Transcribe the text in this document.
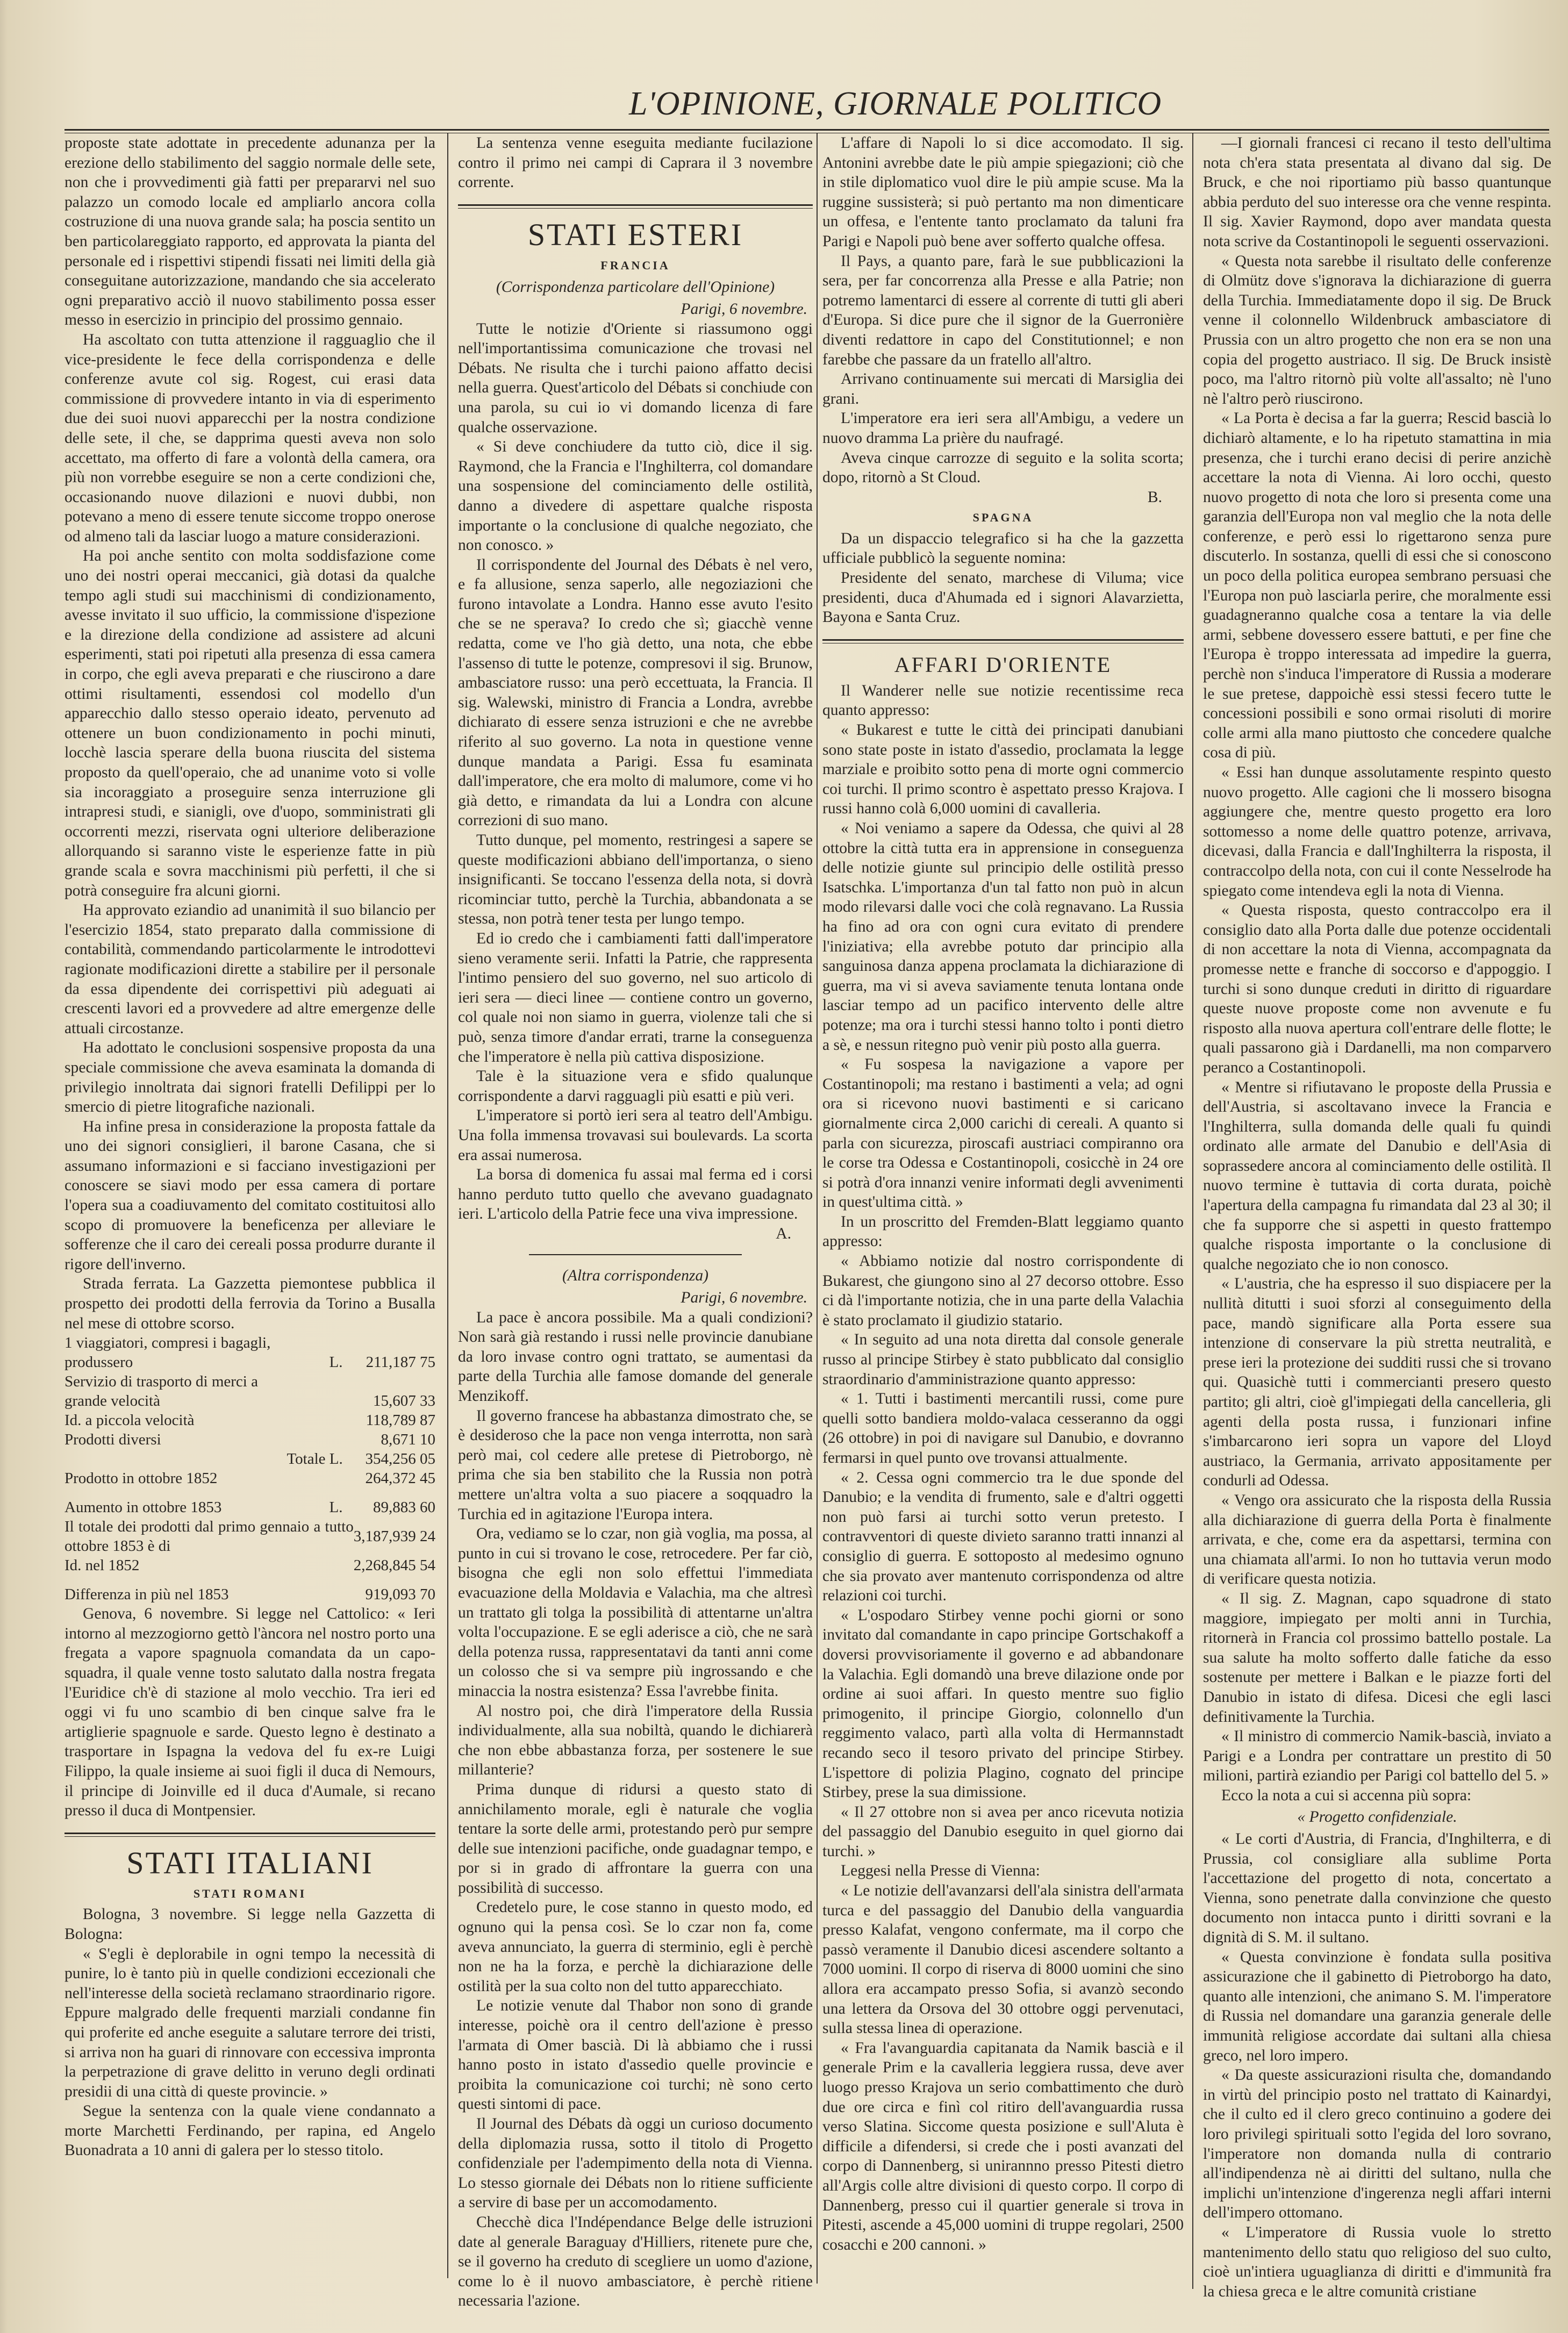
L'OPINIONE, GIORNALE POLITICO

proposte state adottate in precedente adunanza per la erezione dello stabilimento del saggio normale delle sete, non che i provvedimenti già fatti per prepararvi nel suo palazzo un comodo locale ed ampliarlo ancora colla costruzione di una nuova grande sala; ha poscia sentito un ben particolareggiato rapporto, ed approvata la pianta del personale ed i rispettivi stipendi fissati nei limiti della già conseguitane autorizzazione, mandando che sia accelerato ogni preparativo acciò il nuovo stabilimento possa esser messo in esercizio in principio del prossimo gennaio.

Ha ascoltato con tutta attenzione il ragguaglio che il vice-presidente le fece della corrispondenza e delle conferenze avute col sig. Rogest, cui erasi data commissione di provvedere intanto in via di esperimento due dei suoi nuovi apparecchi per la nostra condizione delle sete, il che, se dapprima questi aveva non solo accettato, ma offerto di fare a volontà della camera, ora più non vorrebbe eseguire se non a certe condizioni che, occasionando nuove dilazioni e nuovi dubbi, non potevano a meno di essere tenute siccome troppo onerose od almeno tali da lasciar luogo a mature considerazioni.

Ha poi anche sentito con molta soddisfazione come uno dei nostri operai meccanici, già dotasi da qualche tempo agli studi sui macchinismi di condizionamento, avesse invitato il suo ufficio, la commissione d'ispezione e la direzione della condizione ad assistere ad alcuni esperimenti, stati poi ripetuti alla presenza di essa camera in corpo, che egli aveva preparati e che riuscirono a dare ottimi risultamenti, essendosi col modello d'un apparecchio dallo stesso operaio ideato, pervenuto ad ottenere un buon condizionamento in pochi minuti, locchè lascia sperare della buona riuscita del sistema proposto da quell'operaio, che ad unanime voto si volle sia incoraggiato a proseguire senza interruzione gli intrapresi studi, e sianigli, ove d'uopo, somministrati gli occorrenti mezzi, riservata ogni ulteriore deliberazione allorquando si saranno viste le esperienze fatte in più grande scala e sovra macchinismi più perfetti, il che si potrà conseguire fra alcuni giorni.

Ha approvato eziandio ad unanimità il suo bilancio per l'esercizio 1854, stato preparato dalla commissione di contabilità, commendando particolarmente le introdottevi ragionate modificazioni dirette a stabilire per il personale da essa dipendente dei corrispettivi più adeguati ai crescenti lavori ed a provvedere ad altre emergenze delle attuali circostanze.

Ha adottato le conclusioni sospensive proposta da una speciale commissione che aveva esaminata la domanda di privilegio innoltrata dai signori fratelli Defilippi per lo smercio di pietre litografiche nazionali.

Ha infine presa in considerazione la proposta fattale da uno dei signori consiglieri, il barone Casana, che si assumano informazioni e si facciano investigazioni per conoscere se siavi modo per essa camera di portare l'opera sua a coadiuvamento del comitato costituitosi allo scopo di promuovere la beneficenza per alleviare le sofferenze che il caro dei cereali possa produrre durante il rigore dell'inverno.

Strada ferrata. La Gazzetta piemontese pubblica il prospetto dei prodotti della ferrovia da Torino a Busalla nel mese di ottobre scorso.

1 viaggiatori, compresi i bagagli,		
produssero	L.	211,187 75
Servizio di trasporto di merci a		
grande velocità		15,607 33
Id. a piccola velocità		118,789 87
Prodotti diversi		8,671 10
Totale L.		354,256 05
Prodotto in ottobre 1852		264,372 45

Aumento in ottobre 1853	L.	89,883 60
Il totale dei prodotti dal primo gennaio a tutto ottobre 1853 è di		3,187,939 24
Id. nel 1852		2,268,845 54

Differenza in più nel 1853		919,093 70

Genova, 6 novembre. Si legge nel Cattolico: « Ieri intorno al mezzogiorno gettò l'àncora nel nostro porto una fregata a vapore spagnuola comandata da un capo-squadra, il quale venne tosto salutato dalla nostra fregata l'Euridice ch'è di stazione al molo vecchio. Tra ieri ed oggi vi fu uno scambio di ben cinque salve fra le artiglierie spagnuole e sarde. Questo legno è destinato a trasportare in Ispagna la vedova del fu ex-re Luigi Filippo, la quale insieme ai suoi figli il duca di Nemours, il principe di Joinville ed il duca d'Aumale, si recano presso il duca di Montpensier.

STATI ITALIANI
STATI ROMANI

Bologna, 3 novembre. Si legge nella Gazzetta di Bologna:

« S'egli è deplorabile in ogni tempo la necessità di punire, lo è tanto più in quelle condizioni eccezionali che nell'interesse della società reclamano straordinario rigore. Eppure malgrado delle frequenti marziali condanne fin qui proferite ed anche eseguite a salutare terrore dei tristi, si arriva non ha guari di rinnovare con eccessiva impronta la perpetrazione di grave delitto in veruno degli ordinati presidii di una città di queste provincie. »

Segue la sentenza con la quale viene condannato a morte Marchetti Ferdinando, per rapina, ed Angelo Buonadrata a 10 anni di galera per lo stesso titolo.

La sentenza venne eseguita mediante fucilazione contro il primo nei campi di Caprara il 3 novembre corrente.

STATI ESTERI
FRANCIA
(Corrispondenza particolare dell'Opinione)
Parigi, 6 novembre.

Tutte le notizie d'Oriente si riassumono oggi nell'importantissima comunicazione che trovasi nel Débats. Ne risulta che i turchi paiono affatto decisi nella guerra. Quest'articolo del Débats si conchiude con una parola, su cui io vi domando licenza di fare qualche osservazione.

« Si deve conchiudere da tutto ciò, dice il sig. Raymond, che la Francia e l'Inghilterra, col domandare una sospensione del cominciamento delle ostilità, danno a divedere di aspettare qualche risposta importante o la conclusione di qualche negoziato, che non conosco. »

Il corrispondente del Journal des Débats è nel vero, e fa allusione, senza saperlo, alle negoziazioni che furono intavolate a Londra. Hanno esse avuto l'esito che se ne sperava? Io credo che sì; giacchè venne redatta, come ve l'ho già detto, una nota, che ebbe l'assenso di tutte le potenze, compresovi il sig. Brunow, ambasciatore russo: una però eccettuata, la Francia. Il sig. Walewski, ministro di Francia a Londra, avrebbe dichiarato di essere senza istruzioni e che ne avrebbe riferito al suo governo. La nota in questione venne dunque mandata a Parigi. Essa fu esaminata dall'imperatore, che era molto di malumore, come vi ho già detto, e rimandata da lui a Londra con alcune correzioni di suo mano.

Tutto dunque, pel momento, restringesi a sapere se queste modificazioni abbiano dell'importanza, o sieno insignificanti. Se toccano l'essenza della nota, si dovrà ricominciar tutto, perchè la Turchia, abbandonata a se stessa, non potrà tener testa per lungo tempo.

Ed io credo che i cambiamenti fatti dall'imperatore sieno veramente serii. Infatti la Patrie, che rappresenta l'intimo pensiero del suo governo, nel suo articolo di ieri sera — dieci linee — contiene contro un governo, col quale noi non siamo in guerra, violenze tali che si può, senza timore d'andar errati, trarne la conseguenza che l'imperatore è nella più cattiva disposizione.

Tale è la situazione vera e sfido qualunque corrispondente a darvi ragguagli più esatti e più veri.

L'imperatore si portò ieri sera al teatro dell'Ambigu. Una folla immensa trovavasi sui boulevards. La scorta era assai numerosa.

La borsa di domenica fu assai mal ferma ed i corsi hanno perduto tutto quello che avevano guadagnato ieri. L'articolo della Patrie fece una viva impressione.

A.
(Altra corrispondenza)
Parigi, 6 novembre.

La pace è ancora possibile. Ma a quali condizioni? Non sarà già restando i russi nelle provincie danubiane da loro invase contro ogni trattato, se aumentasi da parte della Turchia alle famose domande del generale Menzikoff.

Il governo francese ha abbastanza dimostrato che, se è desideroso che la pace non venga interrotta, non sarà però mai, col cedere alle pretese di Pietroborgo, nè prima che sia ben stabilito che la Russia non potrà mettere un'altra volta a suo piacere a soqquadro la Turchia ed in agitazione l'Europa intera.

Ora, vediamo se lo czar, non già voglia, ma possa, al punto in cui si trovano le cose, retrocedere. Per far ciò, bisogna che egli non solo effettui l'immediata evacuazione della Moldavia e Valachia, ma che altresì un trattato gli tolga la possibilità di attentarne un'altra volta l'occupazione. E se egli aderisce a ciò, che ne sarà della potenza russa, rappresentatavi da tanti anni come un colosso che si va sempre più ingrossando e che minaccia la nostra esistenza? Essa l'avrebbe finita.

Al nostro poi, che dirà l'imperatore della Russia individualmente, alla sua nobiltà, quando le dichiarerà che non ebbe abbastanza forza, per sostenere le sue millanterie?

Prima dunque di ridursi a questo stato di annichilamento morale, egli è naturale che voglia tentare la sorte delle armi, protestando però pur sempre delle sue intenzioni pacifiche, onde guadagnar tempo, e por si in grado di affrontare la guerra con una possibilità di successo.

Credetelo pure, le cose stanno in questo modo, ed ognuno qui la pensa così. Se lo czar non fa, come aveva annunciato, la guerra di sterminio, egli è perchè non ne ha la forza, e perchè la dichiarazione delle ostilità per la sua colto non del tutto apparecchiato.

Le notizie venute dal Thabor non sono di grande interesse, poichè ora il centro dell'azione è presso l'armata di Omer bascià. Di là abbiamo che i russi hanno posto in istato d'assedio quelle provincie e proibita la comunicazione coi turchi; nè sono certo questi sintomi di pace.

Il Journal des Débats dà oggi un curioso documento della diplomazia russa, sotto il titolo di Progetto confidenziale per l'adempimento della nota di Vienna. Lo stesso giornale dei Débats non lo ritiene sufficiente a servire di base per un accomodamento.

Checchè dica l'Indépendance Belge delle istruzioni date al generale Baraguay d'Hilliers, ritenete pure che, se il governo ha creduto di scegliere un uomo d'azione, come lo è il nuovo ambasciatore, è perchè ritiene necessaria l'azione.

L'affare di Napoli lo si dice accomodato. Il sig. Antonini avrebbe date le più ampie spiegazioni; ciò che in stile diplomatico vuol dire le più ampie scuse. Ma la ruggine sussisterà; si può pertanto ma non dimenticare un offesa, e l'entente tanto proclamato da taluni fra Parigi e Napoli può bene aver sofferto qualche offesa.

Il Pays, a quanto pare, farà le sue pubblicazioni la sera, per far concorrenza alla Presse e alla Patrie; non potremo lamentarci di essere al corrente di tutti gli aberi d'Europa. Si dice pure che il signor de la Guerronière diventi redattore in capo del Constitutionnel; e non farebbe che passare da un fratello all'altro.

Arrivano continuamente sui mercati di Marsiglia dei grani.

L'imperatore era ieri sera all'Ambigu, a vedere un nuovo dramma La prière du naufragé.

Aveva cinque carrozze di seguito e la solita scorta; dopo, ritornò a St Cloud.

B.
SPAGNA

Da un dispaccio telegrafico si ha che la gazzetta ufficiale pubblicò la seguente nomina:

Presidente del senato, marchese di Viluma; vice presidenti, duca d'Ahumada ed i signori Alavarzietta, Bayona e Santa Cruz.

AFFARI D'ORIENTE

Il Wanderer nelle sue notizie recentissime reca quanto appresso:

« Bukarest e tutte le città dei principati danubiani sono state poste in istato d'assedio, proclamata la legge marziale e proibito sotto pena di morte ogni commercio coi turchi. Il primo scontro è aspettato presso Krajova. I russi hanno colà 6,000 uomini di cavalleria.

« Noi veniamo a sapere da Odessa, che quivi al 28 ottobre la città tutta era in apprensione in conseguenza delle notizie giunte sul principio delle ostilità presso Isatschka. L'importanza d'un tal fatto non può in alcun modo rilevarsi dalle voci che colà regnavano. La Russia ha fino ad ora con ogni cura evitato di prendere l'iniziativa; ella avrebbe potuto dar principio alla sanguinosa danza appena proclamata la dichiarazione di guerra, ma vi si aveva saviamente tenuta lontana onde lasciar tempo ad un pacifico intervento delle altre potenze; ma ora i turchi stessi hanno tolto i ponti dietro a sè, e nessun ritegno può venir più posto alla guerra.

« Fu sospesa la navigazione a vapore per Costantinopoli; ma restano i bastimenti a vela; ad ogni ora si ricevono nuovi bastimenti e si caricano giornalmente circa 2,000 carichi di cereali. A quanto si parla con sicurezza, piroscafi austriaci compiranno ora le corse tra Odessa e Costantinopoli, cosicchè in 24 ore si potrà d'ora innanzi venire informati degli avvenimenti in quest'ultima città. »

In un proscritto del Fremden-Blatt leggiamo quanto appresso:

« Abbiamo notizie dal nostro corrispondente di Bukarest, che giungono sino al 27 decorso ottobre. Esso ci dà l'importante notizia, che in una parte della Valachia è stato proclamato il giudizio statario.

« In seguito ad una nota diretta dal console generale russo al principe Stirbey è stato pubblicato dal consiglio straordinario d'amministrazione quanto appresso:

« 1. Tutti i bastimenti mercantili russi, come pure quelli sotto bandiera moldo-valaca cesseranno da oggi (26 ottobre) in poi di navigare sul Danubio, e dovranno fermarsi in quel punto ove trovansi attualmente.

« 2. Cessa ogni commercio tra le due sponde del Danubio; e la vendita di frumento, sale e d'altri oggetti non può farsi ai turchi sotto verun pretesto. I contravventori di queste divieto saranno tratti innanzi al consiglio di guerra. E sottoposto al medesimo ognuno che sia provato aver mantenuto corrispondenza od altre relazioni coi turchi.

« L'ospodaro Stirbey venne pochi giorni or sono invitato dal comandante in capo principe Gortschakoff a doversi provvisoriamente il governo e ad abbandonare la Valachia. Egli domandò una breve dilazione onde por ordine ai suoi affari. In questo mentre suo figlio primogenito, il principe Giorgio, colonnello d'un reggimento valaco, partì alla volta di Hermannstadt recando seco il tesoro privato del principe Stirbey. L'ispettore di polizia Plagino, cognato del principe Stirbey, prese la sua dimissione.

« Il 27 ottobre non si avea per anco ricevuta notizia del passaggio del Danubio eseguito in quel giorno dai turchi. »

Leggesi nella Presse di Vienna:

« Le notizie dell'avanzarsi dell'ala sinistra dell'armata turca e del passaggio del Danubio della vanguardia presso Kalafat, vengono confermate, ma il corpo che passò veramente il Danubio dicesi ascendere soltanto a 7000 uomini. Il corpo di riserva di 8000 uomini che sino allora era accampato presso Sofia, si avanzò secondo una lettera da Orsova del 30 ottobre oggi pervenutaci, sulla stessa linea di operazione.

« Fra l'avanguardia capitanata da Namik bascià e il generale Prim e la cavalleria leggiera russa, deve aver luogo presso Krajova un serio combattimento che durò due ore circa e finì col ritiro dell'avanguardia russa verso Slatina. Siccome questa posizione e sull'Aluta è difficile a difendersi, si crede che i posti avanzati del corpo di Dannenberg, si unirannno presso Pitesti dietro all'Argis colle altre divisioni di questo corpo. Il corpo di Dannenberg, presso cui il quartier generale si trova in Pitesti, ascende a 45,000 uomini di truppe regolari, 2500 cosacchi e 200 cannoni. »

—I giornali francesi ci recano il testo dell'ultima nota ch'era stata presentata al divano dal sig. De Bruck, e che noi riportiamo più basso quantunque abbia perduto del suo interesse ora che venne respinta. Il sig. Xavier Raymond, dopo aver mandata questa nota scrive da Costantinopoli le seguenti osservazioni.

« Questa nota sarebbe il risultato delle conferenze di Olmütz dove s'ignorava la dichiarazione di guerra della Turchia. Immediatamente dopo il sig. De Bruck venne il colonnello Wildenbruck ambasciatore di Prussia con un altro progetto che non era se non una copia del progetto austriaco. Il sig. De Bruck insistè poco, ma l'altro ritornò più volte all'assalto; nè l'uno nè l'altro però riuscirono.

« La Porta è decisa a far la guerra; Rescid bascià lo dichiarò altamente, e lo ha ripetuto stamattina in mia presenza, che i turchi erano decisi di perire anzichè accettare la nota di Vienna. Ai loro occhi, questo nuovo progetto di nota che loro si presenta come una garanzia dell'Europa non val meglio che la nota delle conferenze, e però essi lo rigettarono senza pure discuterlo. In sostanza, quelli di essi che si conoscono un poco della politica europea sembrano persuasi che l'Europa non può lasciarla perire, che moralmente essi guadagneranno qualche cosa a tentare la via delle armi, sebbene dovessero essere battuti, e per fine che l'Europa è troppo interessata ad impedire la guerra, perchè non s'induca l'imperatore di Russia a moderare le sue pretese, dappoichè essi stessi fecero tutte le concessioni possibili e sono ormai risoluti di morire colle armi alla mano piuttosto che concedere qualche cosa di più.

« Essi han dunque assolutamente respinto questo nuovo progetto. Alle cagioni che li mossero bisogna aggiungere che, mentre questo progetto era loro sottomesso a nome delle quattro potenze, arrivava, dicevasi, dalla Francia e dall'Inghilterra la risposta, il contraccolpo della nota, con cui il conte Nesselrode ha spiegato come intendeva egli la nota di Vienna.

« Questa risposta, questo contraccolpo era il consiglio dato alla Porta dalle due potenze occidentali di non accettare la nota di Vienna, accompagnata da promesse nette e franche di soccorso e d'appoggio. I turchi si sono dunque creduti in diritto di riguardare queste nuove proposte come non avvenute e fu risposto alla nuova apertura coll'entrare delle flotte; le quali passarono già i Dardanelli, ma non comparvero peranco a Costantinopoli.

« Mentre si rifiutavano le proposte della Prussia e dell'Austria, si ascoltavano invece la Francia e l'Inghilterra, sulla domanda delle quali fu quindi ordinato alle armate del Danubio e dell'Asia di soprassedere ancora al cominciamento delle ostilità. Il nuovo termine è tuttavia di corta durata, poichè l'apertura della campagna fu rimandata dal 23 al 30; il che fa supporre che si aspetti in questo frattempo qualche risposta importante o la conclusione di qualche negoziato che io non conosco.

« L'austria, che ha espresso il suo dispiacere per la nullità ditutti i suoi sforzi al conseguimento della pace, mandò significare alla Porta essere sua intenzione di conservare la più stretta neutralità, e prese ieri la protezione dei sudditi russi che si trovano qui. Quasichè tutti i commercianti presero questo partito; gli altri, cioè gl'impiegati della cancelleria, gli agenti della posta russa, i funzionari infine s'imbarcarono ieri sopra un vapore del Lloyd austriaco, la Germania, arrivato appositamente per condurli ad Odessa.

« Vengo ora assicurato che la risposta della Russia alla dichiarazione di guerra della Porta è finalmente arrivata, e che, come era da aspettarsi, termina con una chiamata all'armi. Io non ho tuttavia verun modo di verificare questa notizia.

« Il sig. Z. Magnan, capo squadrone di stato maggiore, impiegato per molti anni in Turchia, ritornerà in Francia col prossimo battello postale. La sua salute ha molto sofferto dalle fatiche da esso sostenute per mettere i Balkan e le piazze forti del Danubio in istato di difesa. Dicesi che egli lasci definitivamente la Turchia.

« Il ministro di commercio Namik-bascià, inviato a Parigi e a Londra per contrattare un prestito di 50 milioni, partirà eziandio per Parigi col battello del 5. »

Ecco la nota a cui si accenna più sopra:

« Progetto confidenziale.

« Le corti d'Austria, di Francia, d'Inghilterra, e di Prussia, col consigliare alla sublime Porta l'accettazione del progetto di nota, concertato a Vienna, sono penetrate dalla convinzione che questo documento non intacca punto i diritti sovrani e la dignità di S. M. il sultano.

« Questa convinzione è fondata sulla positiva assicurazione che il gabinetto di Pietroborgo ha dato, quanto alle intenzioni, che animano S. M. l'imperatore di Russia nel domandare una garanzia generale delle immunità religiose accordate dai sultani alla chiesa greco, nel loro impero.

« Da queste assicurazioni risulta che, domandando in virtù del principio posto nel trattato di Kainardyi, che il culto ed il clero greco continuino a godere dei loro privilegi spirituali sotto l'egida del loro sovrano, l'imperatore non domanda nulla di contrario all'indipendenza nè ai diritti del sultano, nulla che implichi un'intenzione d'ingerenza negli affari interni dell'impero ottomano.

« L'imperatore di Russia vuole lo stretto mantenimento dello statu quo religioso del suo culto, cioè un'intiera uguaglianza di diritti e d'immunità fra la chiesa greca e le altre comunità cristiane
